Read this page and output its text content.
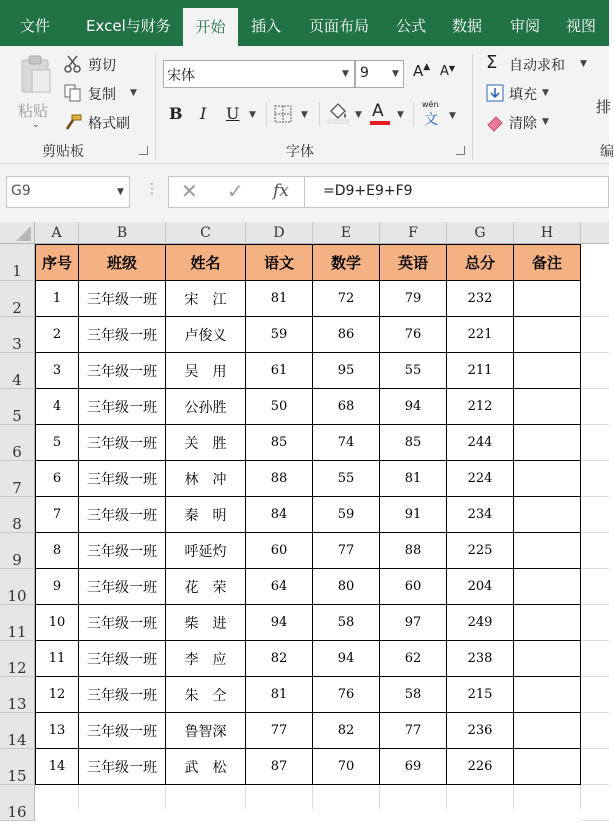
文件 Excel与财务	开始	插入 页面布局 公式 数据 审阅 视图
粘贴
⌄
剪切
复制 ▼
格式刷
剪贴板
宋体	▼ 9	▼ A▲ A▼
B I U ▼	▼	▼ A ▼
wén
文 ▼
字体
Σ 自动求和 ▼
填充 ▼
清除 ▼
排
编
G9	▼ ⋮ ✕ ✓ fx =D9+E9+F9
A	B	C	D	E	F	G	H
1
2
3
4
5
6
7
8
9
10
11
12
13
14
15
16
序号	班级	姓名	语文	数学	英语	总分	备注
1	三年级一班	宋　江	81	72	79	232
2	三年级一班	卢俊义	59	86	76	221
3	三年级一班	吴　用	61	95	55	211
4	三年级一班	公孙胜	50	68	94	212
5	三年级一班	关　胜	85	74	85	244
6	三年级一班	林　冲	88	55	81	224
7	三年级一班	秦　明	84	59	91	234
8	三年级一班	呼延灼	60	77	88	225
9	三年级一班	花　荣	64	80	60	204
10	三年级一班	柴　进	94	58	97	249
11	三年级一班	李　应	82	94	62	238
12	三年级一班	朱　仝	81	76	58	215
13	三年级一班	鲁智深	77	82	77	236
14	三年级一班	武　松	87	70	69	226
